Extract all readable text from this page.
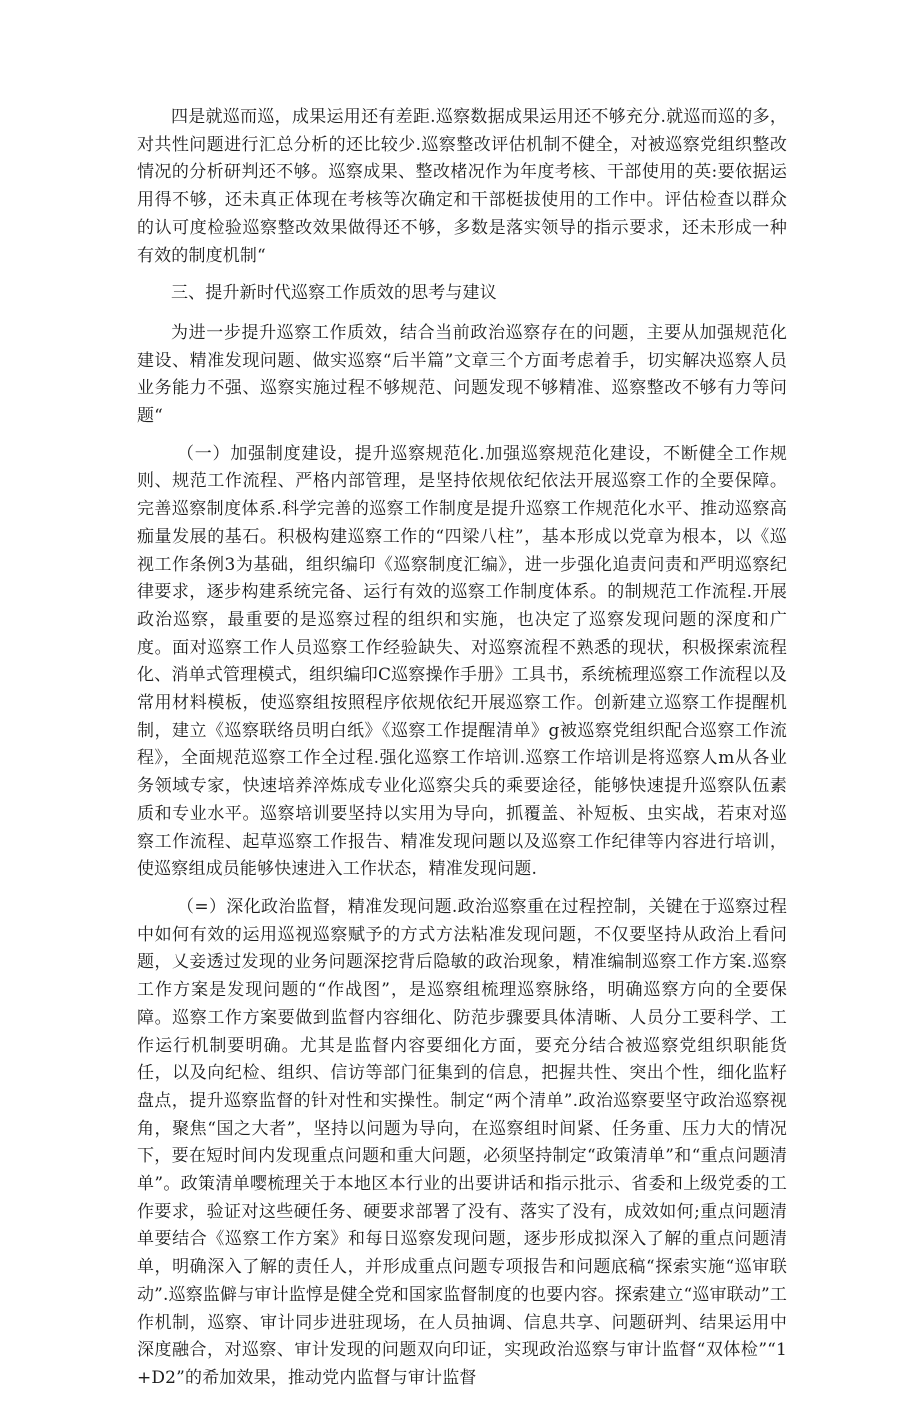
四是就巡而巡，成果运用还有差距.巡察数据成果运用还不够充分.就巡而巡的多，对共性问题进行汇总分析的还比较少.巡察整改评估机制不健全，对被巡察党组织整改情况的分析研判还不够。巡察成果、整改楮况作为年度考核、干部使用的英:要依据运用得不够，还未真正体现在考核等次确定和干部梃拔使用的工作中。评估检查以群众的认可度检验巡察整改效果做得还不够，多数是落实领导的指示要求，还未形成一种有效的制度机制“

三、提升新时代巡察工作质效的思考与建议

为进一步提升巡察工作质效，结合当前政治巡察存在的问题，主要从加强规范化建设、精准发现问题、做实巡察“后半篇”文章三个方面考虑着手，切实解决巡察人员业务能力不强、巡察实施过程不够规范、问题发现不够精准、巡察整改不够有力等问题“

（一）加强制度建设，提升巡察规范化.加强巡察规范化建设，不断健全工作规则、规范工作流程、严格内部管理，是坚持依规依纪依法开展巡察工作的全要保障。完善巡察制度体系.科学完善的巡察工作制度是提升巡察工作规范化水平、推动巡察高痂量发展的基石。积极构建巡察工作的“四梁八柱”，基本形成以党章为根本，以《巡视工作条例3为基础，组织编印《巡察制度汇编》，进一步强化追责问责和严明巡察纪律要求，逐步构建系统完备、运行有效的巡察工作制度体系。的制规范工作流程.开展政治巡察，最重要的是巡察过程的组织和实施，也决定了巡察发现问题的深度和广度。面对巡察工作人员巡察工作经验缺失、对巡察流程不熟悉的现状，积极探索流程化、消单式管理模式，组织编印C巡察操作手册》工具书，系统梳理巡察工作流程以及常用材料模板，使巡察组按照程序依规依纪开展巡察工作。创新建立巡察工作提醒机制，建立《巡察联络员明白纸》《巡察工作提醒清单》g被巡察党组织配合巡察工作流程》，全面规范巡察工作全过程.强化巡察工作培训.巡察工作培训是将巡察人m从各业务领域专家，快速培养淬炼成专业化巡察尖兵的乘要途径，能够快速提升巡察队伍素质和专业水平。巡察培训要坚持以实用为导向，抓覆盖、补短板、虫实战，若束对巡察工作流程、起草巡察工作报告、精准发现问题以及巡察工作纪律等内容进行培训，使巡察组成员能够快速进入工作状态，精准发现问题.

（=）深化政治监督，精准发现问题.政治巡察重在过程控制，关键在于巡察过程中如何有效的运用巡视巡察赋予的方式方法粘准发现问题，不仅要坚持从政治上看问题，乂妾透过发现的业务问题深挖背后隐敏的政治现象，精准编制巡察工作方案.巡察工作方案是发现问题的“作战图”，是巡察组梳理巡察脉络，明确巡察方向的全要保障。巡察工作方案要做到监督内容细化、防范步骤要具体清晰、人员分工要科学、工作运行机制要明确。尤其是监督内容要细化方面，要充分结合被巡察党组织职能货任，以及向纪检、组织、信访等部门征集到的信息，把握共性、突出个性，细化监籽盘点，提升巡察监督的针对性和实操性。制定“两个清单”.政治巡察要坚守政治巡察视角，聚焦“国之大者”，坚持以问题为导向，在巡察组时间紧、任务重、压力大的情况下，要在短时间内发现重点问题和重大问题，必须坚持制定“政策清单”和“重点问题清单”。政策清单嘤梳理关于本地区本行业的出要讲话和指示批示、省委和上级党委的工作要求，验证对这些硬任务、硬要求部署了没有、落实了没有，成效如何;重点问题清单要结合《巡察工作方案》和每日巡察发现问题，逐步形成拟深入了解的重点问题清单，明确深入了解的责任人，并形成重点问题专项报告和问题底稿“探索实施“巡审联动”.巡察监僻与审计监惇是健全党和国家监督制度的也要内容。探索建立“巡审联动”工作机制，巡察、审计同步进驻现场，在人员抽调、信息共享、问题研判、结果运用中深度融合，对巡察、审计发现的问题双向印证，实现政治巡察与审计监督“双体检”“1+D2”的希加效果，推动党内监督与审计监督
